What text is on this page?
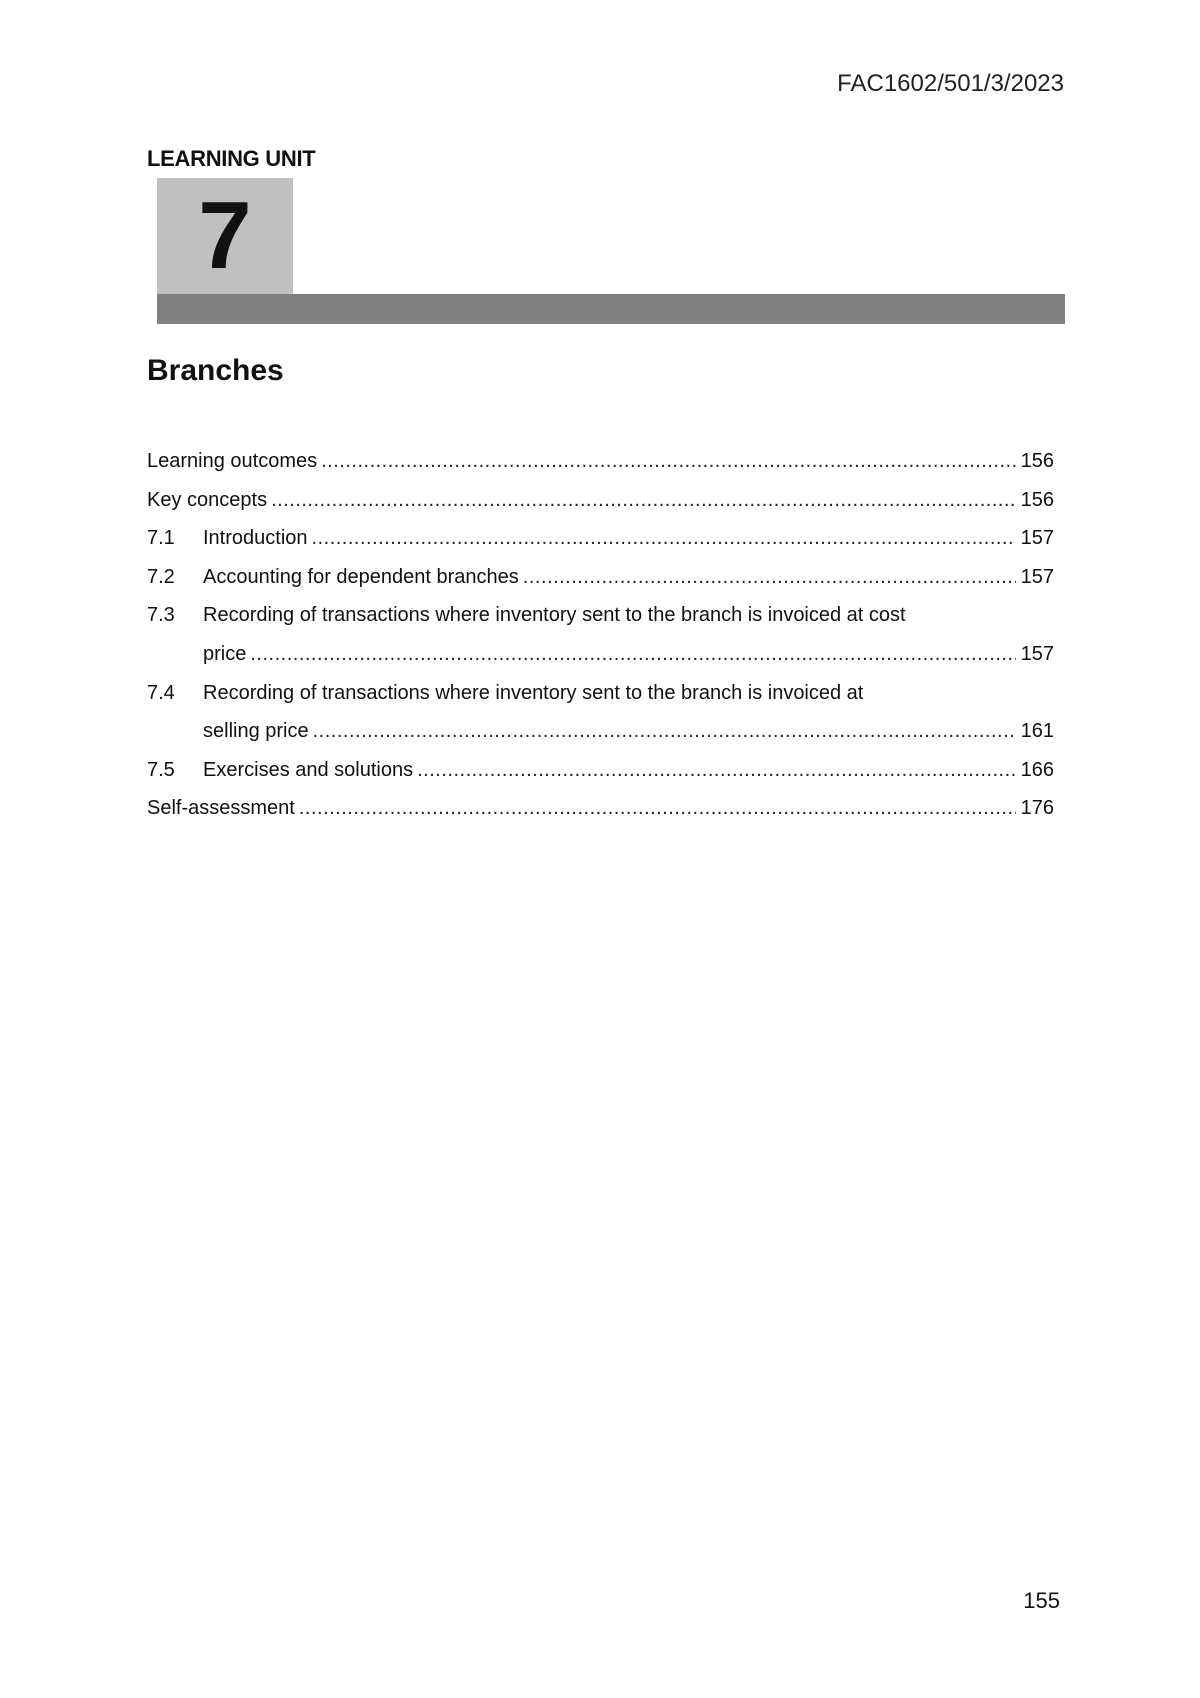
FAC1602/501/3/2023
LEARNING UNIT
7
Branches
Learning outcomes .....	156
Key concepts .....	156
7.1	Introduction .....	157
7.2	Accounting for dependent branches .....	157
7.3	Recording of transactions where inventory sent to the branch is invoiced at cost
price .....	157
7.4	Recording of transactions where inventory sent to the branch is invoiced at
selling price .....	161
7.5	Exercises and solutions .....	166
Self-assessment .....	176
155
